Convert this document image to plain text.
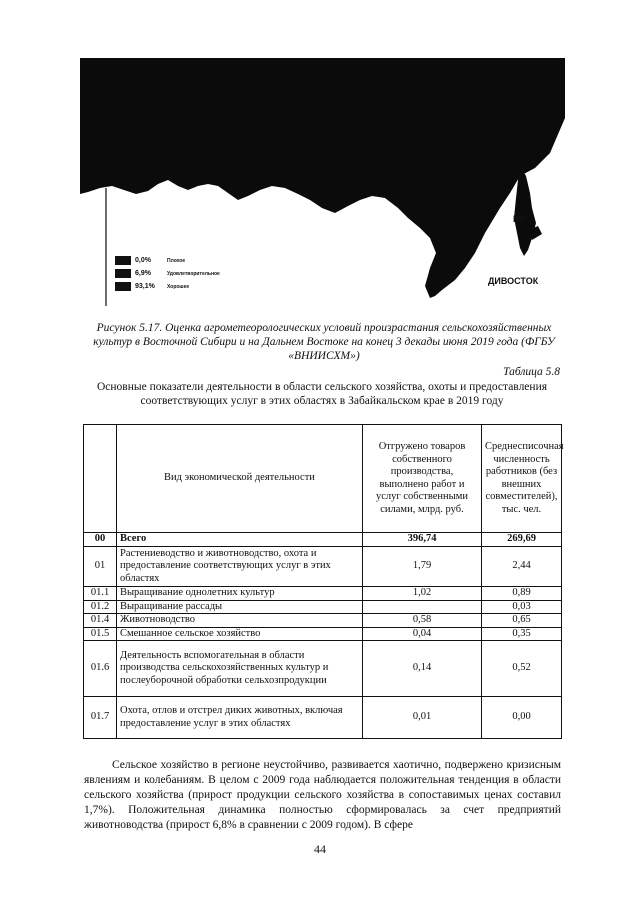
ВО
ДИВОСТОК
0,0%	Плохое
6,9%	Удовлетворительное
93,1%	Хорошее
Рисунок 5.17. Оценка агрометеорологических условий произрастания сельскохозяйственных культур в Восточной Сибири и на Дальнем Востоке на конец 3 декады июня 2019 года (ФГБУ «ВНИИСХМ»)
Таблица 5.8
Основные показатели деятельности в области сельского хозяйства, охоты и предоставления соответствующих услуг в этих областях в Забайкальском крае в 2019 году
	Вид экономической деятельности	Отгружено товаров собственного производства, выполнено работ и услуг собственными силами, млрд. руб.	Среднесписочная численность работников (без внешних совместителей), тыс. чел.
00	Всего	396,74	269,69
01	Растениеводство и животноводство, охота и предоставление соответствующих услуг в этих областях	1,79	2,44
01.1	Выращивание однолетних культур	1,02	0,89
01.2	Выращивание рассады		0,03
01.4	Животноводство	0,58	0,65
01.5	Смешанное сельское хозяйство	0,04	0,35
01.6	Деятельность вспомогательная в области производства сельскохозяйственных культур и послеуборочной обработки сельхозпродукции	0,14	0,52
01.7	Охота, отлов и отстрел диких животных, включая предоставление услуг в этих областях	0,01	0,00
Сельское хозяйство в регионе неустойчиво, развивается хаотично, подвержено кризисным явлениям и колебаниям. В целом с 2009 года наблюдается положительная тенденция в области сельского хозяйства (прирост продукции сельского хозяйства в сопоставимых ценах составил 1,7%). Положительная динамика полностью сформировалась за счет предприятий животноводства (прирост 6,8% в сравнении с 2009 годом). В сфере
44
